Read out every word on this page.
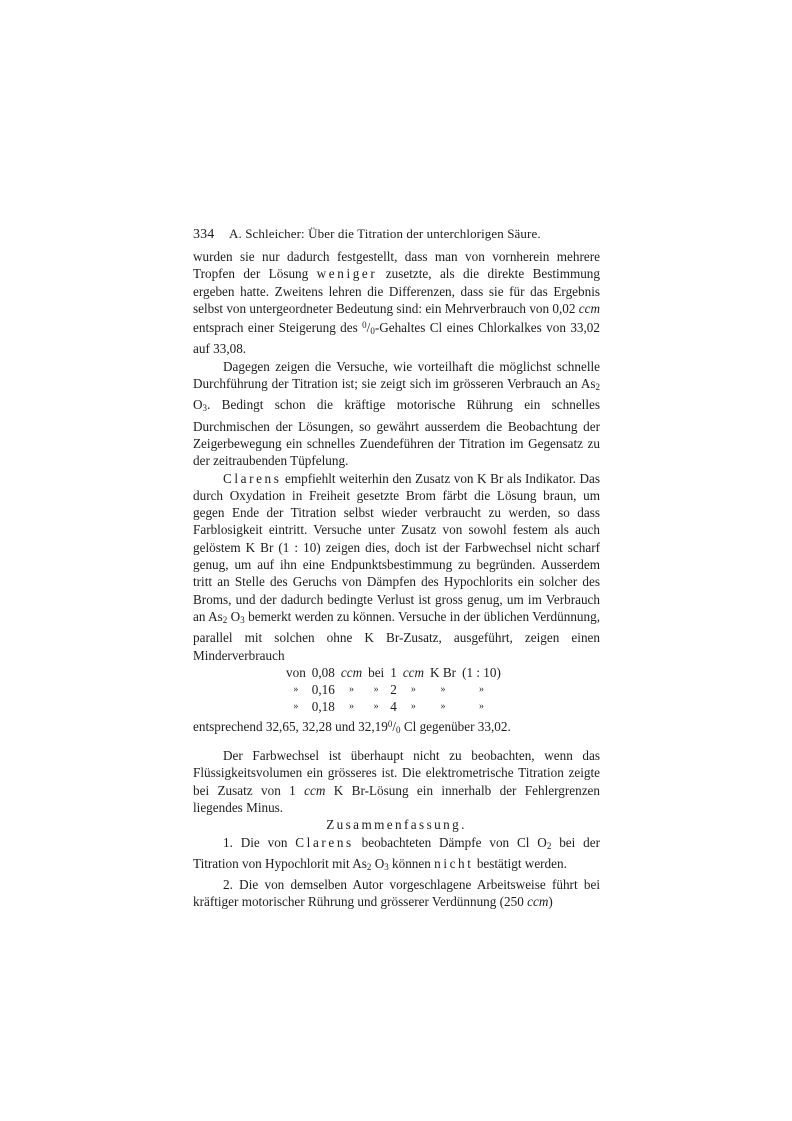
334 A. Schleicher: Über die Titration der unterchlorigen Säure.

wurden sie nur dadurch festgestellt, dass man von vornherein mehrere Tropfen der Lösung weniger zusetzte, als die direkte Bestimmung ergeben hatte. Zweitens lehren die Differenzen, dass sie für das Ergebnis selbst von untergeordneter Bedeutung sind: ein Mehrverbrauch von 0,02 ccm entsprach einer Steigerung des $^0/_0$-Gehaltes Cl eines Chlorkalkes von 33,02 auf 33,08.

Dagegen zeigen die Versuche, wie vorteilhaft die möglichst schnelle Durchführung der Titration ist; sie zeigt sich im grösseren Verbrauch an $As_2$ $O_3$. Bedingt schon die kräftige motorische Rührung ein schnelles Durchmischen der Lösungen, so gewährt ausserdem die Beobachtung der Zeigerbewegung ein schnelles Zuendeführen der Titration im Gegensatz zu der zeitraubenden Tüpfelung.

Clarens empfiehlt weiterhin den Zusatz von K Br als Indikator. Das durch Oxydation in Freiheit gesetzte Brom färbt die Lösung braun, um gegen Ende der Titration selbst wieder verbraucht zu werden, so dass Farblosigkeit eintritt. Versuche unter Zusatz von sowohl festem als auch gelöstem K Br (1 : 10) zeigen dies, doch ist der Farbwechsel nicht scharf genug, um auf ihn eine Endpunktsbestimmung zu begründen. Ausserdem tritt an Stelle des Geruchs von Dämpfen des Hypochlorits ein solcher des Broms, und der dadurch bedingte Verlust ist gross genug, um im Verbrauch an $As_2$ $O_3$ bemerkt werden zu können. Versuche in der üblichen Verdünnung, parallel mit solchen ohne K Br-Zusatz, ausgeführt, zeigen einen Minderverbrauch

von	0,08	ccm	bei	1	ccm	K Br	(1 : 10)
»	0,16	»	»	2	»	»	»
»	0,18	»	»	4	»	»	»

entsprechend 32,65, 32,28 und $32,19^0/_0$ Cl gegenüber 33,02.

Der Farbwechsel ist überhaupt nicht zu beobachten, wenn das Flüssigkeitsvolumen ein grösseres ist. Die elektrometrische Titration zeigte bei Zusatz von 1 ccm K Br-Lösung ein innerhalb der Fehlergrenzen liegendes Minus.

Zusammenfassung.

1. Die von Clarens beobachteten Dämpfe von Cl $O_2$ bei der Titration von Hypochlorit mit $As_2$ $O_3$ können nicht bestätigt werden.

2. Die von demselben Autor vorgeschlagene Arbeitsweise führt bei kräftiger motorischer Rührung und grösserer Verdünnung (250 ccm)
